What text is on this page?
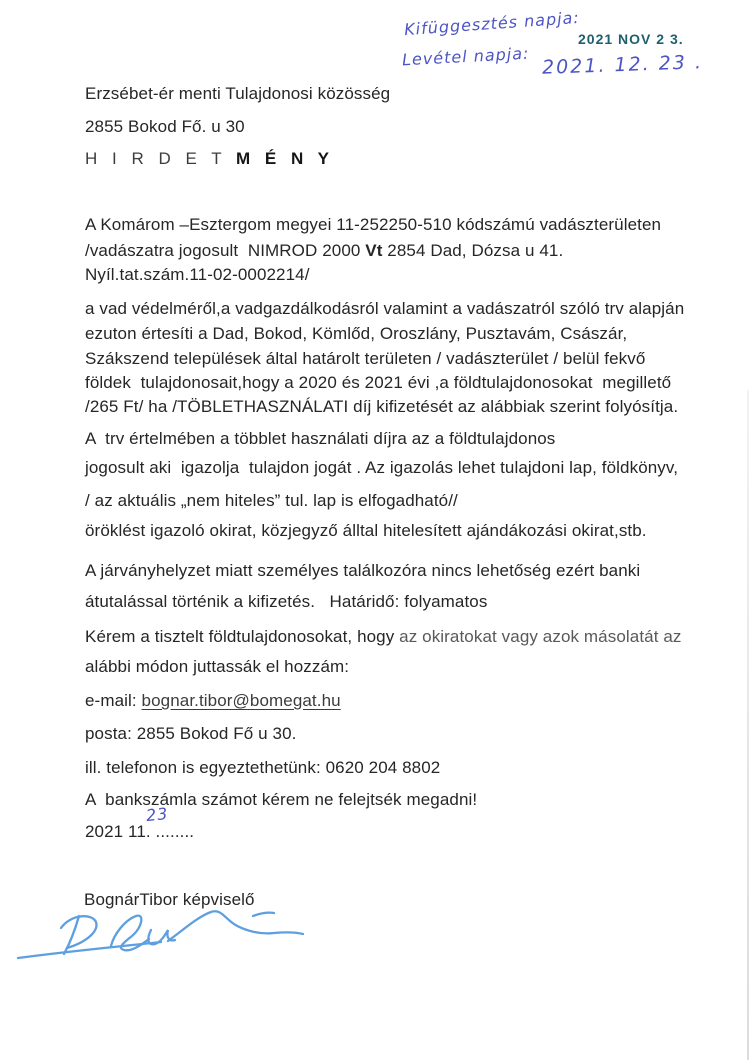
Kifüggesztés napja:
Levétel napja:
2021 NOV 2 3.
2021. 12. 23 .
Erzsébet-ér menti Tulajdonosi közösség
2855 Bokod Fő. u 30
H I R D E T M É N Y
A Komárom –Esztergom megyei 11-252250-510 kódszámú vadászterületen
/vadászatra jogosult  NIMROD 2000 Vt 2854 Dad, Dózsa u 41.
Nyíl.tat.szám.11-02-0002214/
a vad védelméről,a vadgazdálkodásról valamint a vadászatról szóló trv alapján
ezuton értesíti a Dad, Bokod, Kömlőd, Oroszlány, Pusztavám, Császár,
Szákszend települések által határolt területen / vadászterület / belül fekvő
földek  tulajdonosait,hogy a 2020 és 2021 évi ,a földtulajdonosokat  megillető
/265 Ft/ ha /TÖBLETHASZNÁLATI díj kifizetését az alábbiak szerint folyósítja.
A  trv értelmében a többlet használati díjra az a földtulajdonos
jogosult aki  igazolja  tulajdon jogát . Az igazolás lehet tulajdoni lap, földkönyv,
/ az aktuális „nem hiteles” tul. lap is elfogadható//
öröklést igazoló okirat, közjegyző álltal hitelesített ajándákozási okirat,stb.
A járványhelyzet miatt személyes találkozóra nincs lehetőség ezért banki
átutalással történik a kifizetés.   Határidő: folyamatos
Kérem a tisztelt földtulajdonosokat, hogy az okiratokat vagy azok másolatát az
alábbi módon juttassák el hozzám:
e-mail: bognar.tibor@bomegat.hu
posta: 2855 Bokod Fő u 30.
ill. telefonon is egyeztethetünk: 0620 204 8802
A  bankszámla számot kérem ne felejtsék megadni!
2021 11. ........
23
BognárTibor képviselő
